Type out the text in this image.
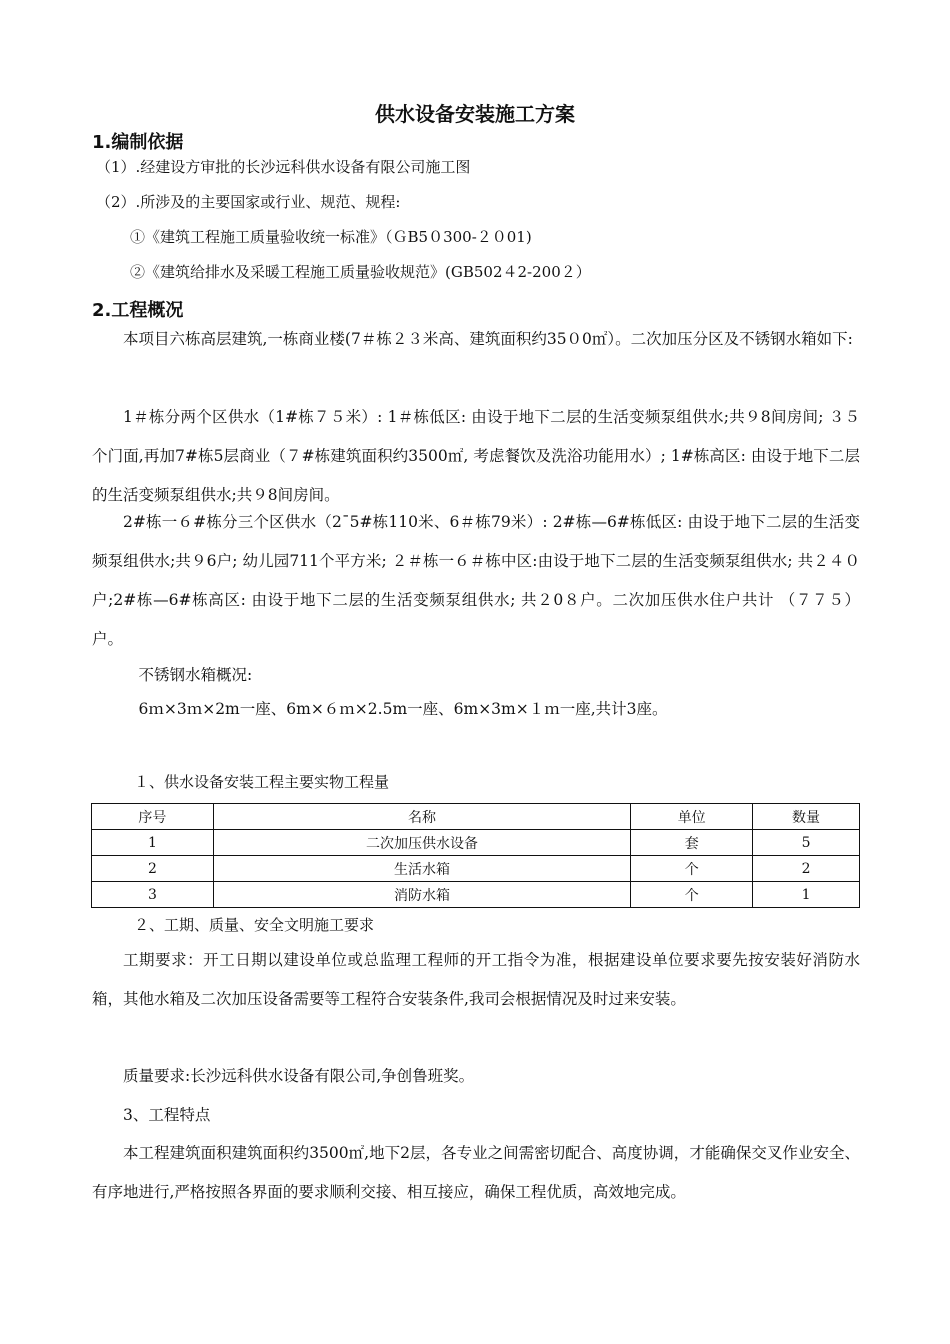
供水设备安装施工方案
1.编制依据
（1）.经建设方审批的长沙远科供水设备有限公司施工图
（2）.所涉及的主要国家或行业、规范、规程:
①《建筑工程施工质量验收统一标准》（ＧB5０300-２０01)
②《建筑给排水及采暖工程施工质量验收规范》(GB502４2-200２）
2.工程概况
本项目六栋高层建筑,一栋商业楼(7＃栋２３米高、建筑面积约35０0㎡）。二次加压分区及不锈钢水箱如下:
1＃栋分两个区供水（1#栋７５米）: 1＃栋低区: 由设于地下二层的生活变频泵组供水;共９8间房间; ３５个门面,再加7#栋5层商业（７#栋建筑面积约3500㎡, 考虑餐饮及洗浴功能用水）; 1#栋高区: 由设于地下二层的生活变频泵组供水;共９8间房间。
2#栋一６#栋分三个区供水（2¯5#栋110米、6＃栋79米）: 2#栋—6#栋低区: 由设于地下二层的生活变频泵组供水;共９6户; 幼儿园711个平方米; ２＃栋一６＃栋中区:由设于地下二层的生活变频泵组供水; 共２４０户;2#栋—6#栋高区: 由设于地下二层的生活变频泵组供水; 共２0８户。二次加压供水住户共计 （７７５） 户。
不锈钢水箱概况:
6ｍ×3ｍ×2m一座、6m×６ｍ×2.5m一座、6m×3m×１ｍ一座,共计3座。
１、供水设备安装工程主要实物工程量
序号	名称	单位	数量
1	二次加压供水设备	套	5
2	生活水箱	个	2
3	消防水箱	个	1
２、工期、质量、安全文明施工要求
工期要求：开工日期以建设单位或总监理工程师的开工指令为准，根据建设单位要求要先按安装好消防水箱，其他水箱及二次加压设备需要等工程符合安装条件,我司会根据情况及时过来安装。
质量要求:长沙远科供水设备有限公司,争创鲁班奖。
3、工程特点
本工程建筑面积建筑面积约3500㎡,地下2层，各专业之间需密切配合、高度协调，才能确保交叉作业安全、有序地进行,严格按照各界面的要求顺利交接、相互接应，确保工程优质，高效地完成。
